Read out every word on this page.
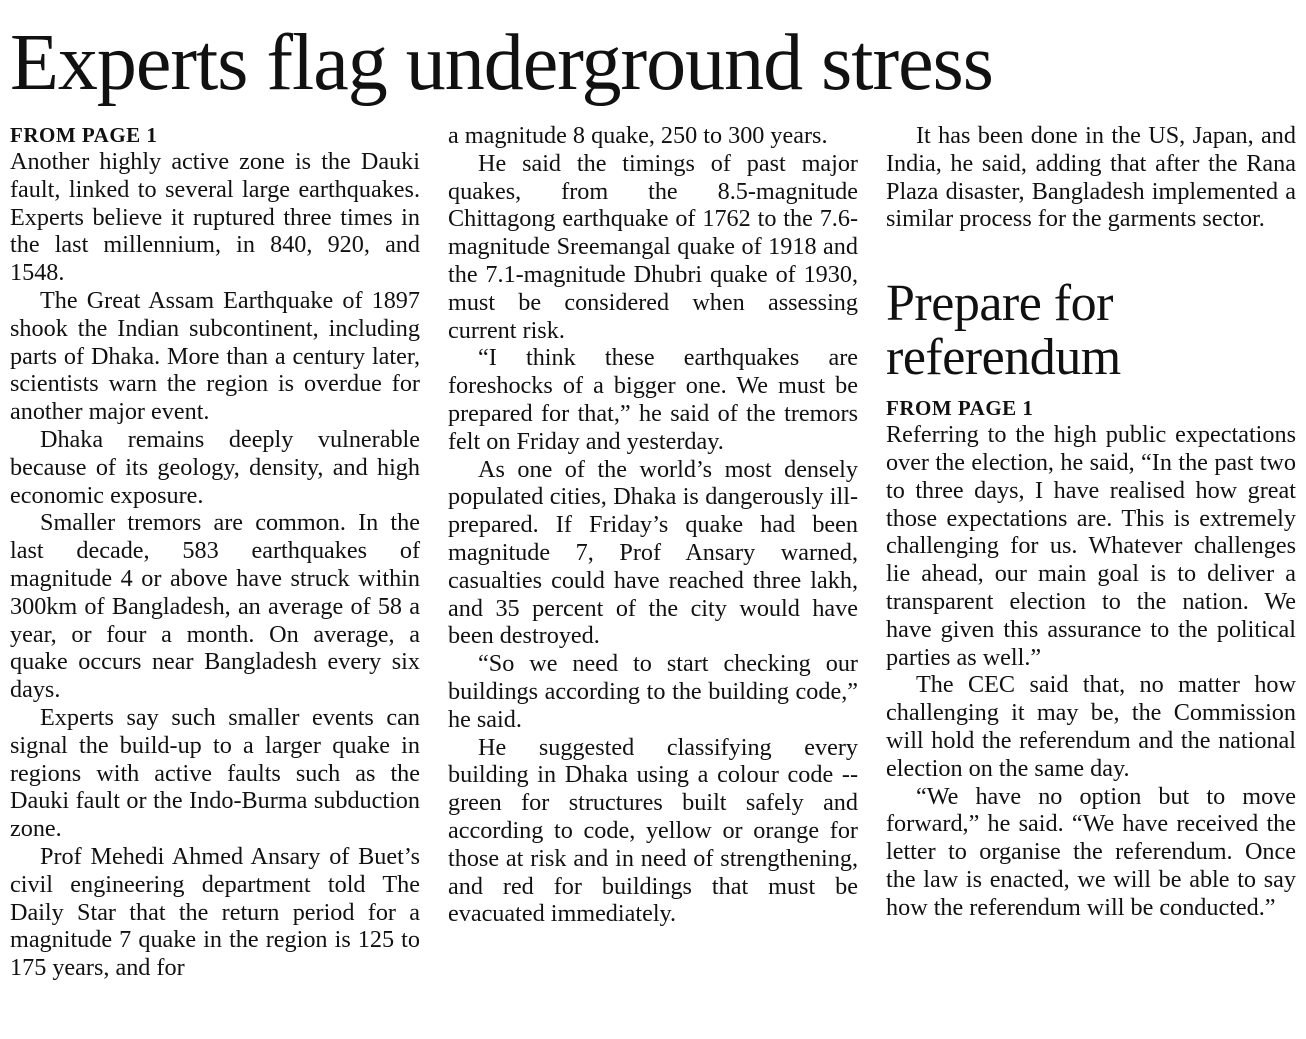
Experts flag underground stress
FROM PAGE 1

Another highly active zone is the Dauki fault, linked to several large earthquakes. Experts believe it ruptured three times in the last millennium, in 840, 920, and 1548.

The Great Assam Earthquake of 1897 shook the Indian subcontinent, including parts of Dhaka. More than a century later, scientists warn the region is overdue for another major event.

Dhaka remains deeply vulnerable because of its geology, density, and high economic exposure.

Smaller tremors are common. In the last decade, 583 earthquakes of magnitude 4 or above have struck within 300km of Bangladesh, an average of 58 a year, or four a month. On average, a quake occurs near Bangladesh every six days.

Experts say such smaller events can signal the build-up to a larger quake in regions with active faults such as the Dauki fault or the Indo-Burma subduction zone.

Prof Mehedi Ahmed Ansary of Buet’s civil engineering department told The Daily Star that the return period for a magnitude 7 quake in the region is 125 to 175 years, and for

a magnitude 8 quake, 250 to 300 years.

He said the timings of past major quakes, from the 8.5-magnitude Chittagong earthquake of 1762 to the 7.6-magnitude Sreemangal quake of 1918 and the 7.1-magnitude Dhubri quake of 1930, must be considered when assessing current risk.

“I think these earthquakes are foreshocks of a bigger one. We must be prepared for that,” he said of the tremors felt on Friday and yesterday.

As one of the world’s most densely populated cities, Dhaka is dangerously ill-prepared. If Friday’s quake had been magnitude 7, Prof Ansary warned, casualties could have reached three lakh, and 35 percent of the city would have been destroyed.

“So we need to start checking our buildings according to the building code,” he said.

He suggested classifying every building in Dhaka using a colour code -- green for structures built safely and according to code, yellow or orange for those at risk and in need of strengthening, and red for buildings that must be evacuated immediately.

It has been done in the US, Japan, and India, he said, adding that after the Rana Plaza disaster, Bangladesh implemented a similar process for the garments sector.

Prepare for referendum
FROM PAGE 1

Referring to the high public expectations over the election, he said, “In the past two to three days, I have realised how great those expectations are. This is extremely challenging for us. Whatever challenges lie ahead, our main goal is to deliver a transparent election to the nation. We have given this assurance to the political parties as well.”

The CEC said that, no matter how challenging it may be, the Commission will hold the referendum and the national election on the same day.

“We have no option but to move forward,” he said. “We have received the letter to organise the referendum. Once the law is enacted, we will be able to say how the referendum will be conducted.”
